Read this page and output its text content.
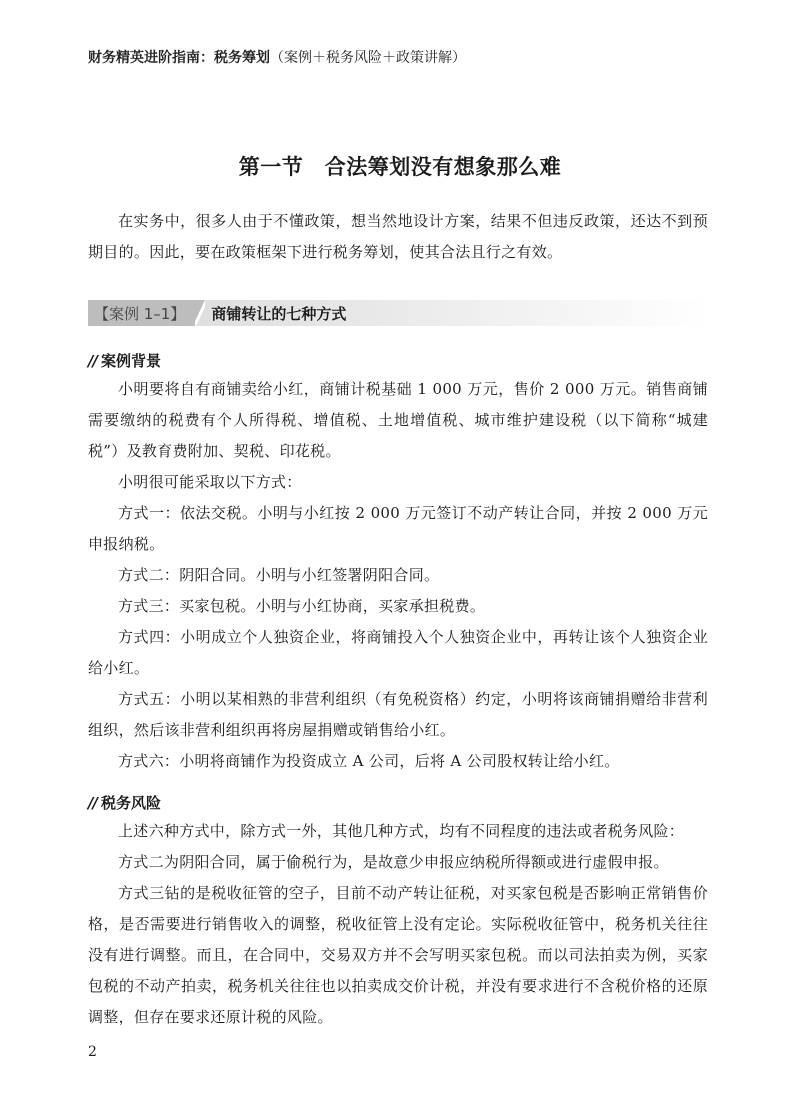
财务精英进阶指南：税务筹划（案例＋税务风险＋政策讲解）
第一节　合法筹划没有想象那么难

在实务中，很多人由于不懂政策，想当然地设计方案，结果不但违反政策，还达不到预期目的。因此，要在政策框架下进行税务筹划，使其合法且行之有效。

【案例 1–1】	商铺转让的七种方式
// 案例背景

小明要将自有商铺卖给小红，商铺计税基础 1 000 万元，售价 2 000 万元。销售商铺需要缴纳的税费有个人所得税、增值税、土地增值税、城市维护建设税（以下简称“城建税”）及教育费附加、契税、印花税。

小明很可能采取以下方式：

方式一：依法交税。小明与小红按 2 000 万元签订不动产转让合同，并按 2 000 万元申报纳税。

方式二：阴阳合同。小明与小红签署阴阳合同。

方式三：买家包税。小明与小红协商，买家承担税费。

方式四：小明成立个人独资企业，将商铺投入个人独资企业中，再转让该个人独资企业给小红。

方式五：小明以某相熟的非营利组织（有免税资格）约定，小明将该商铺捐赠给非营利组织，然后该非营利组织再将房屋捐赠或销售给小红。

方式六：小明将商铺作为投资成立 A 公司，后将 A 公司股权转让给小红。

// 税务风险

上述六种方式中，除方式一外，其他几种方式，均有不同程度的违法或者税务风险：

方式二为阴阳合同，属于偷税行为，是故意少申报应纳税所得额或进行虚假申报。

方式三钻的是税收征管的空子，目前不动产转让征税，对买家包税是否影响正常销售价格，是否需要进行销售收入的调整，税收征管上没有定论。实际税收征管中，税务机关往往没有进行调整。而且，在合同中，交易双方并不会写明买家包税。而以司法拍卖为例，买家包税的不动产拍卖，税务机关往往也以拍卖成交价计税，并没有要求进行不含税价格的还原调整，但存在要求还原计税的风险。

2
